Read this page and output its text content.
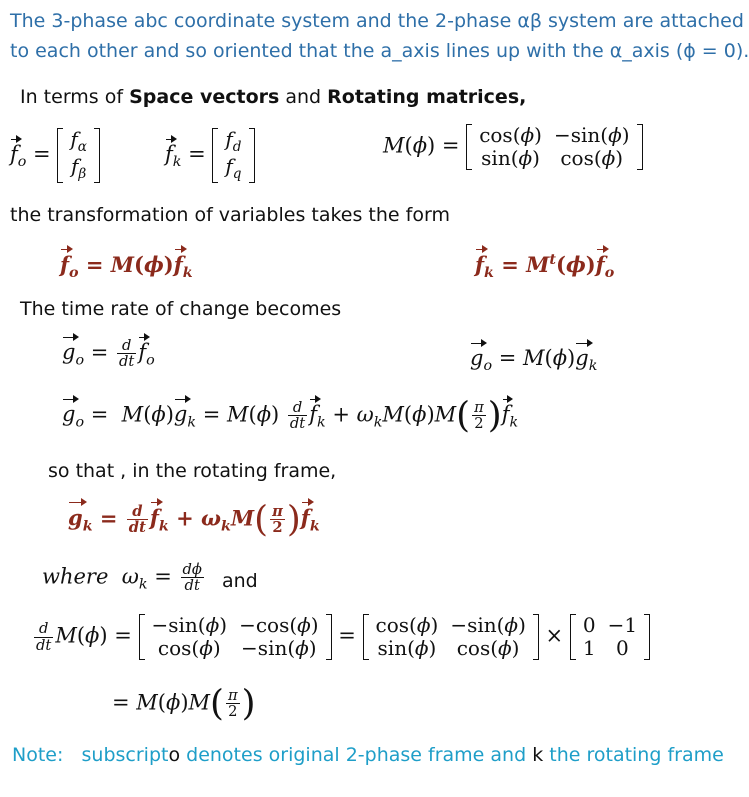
The 3-phase abc coordinate system and the 2-phase αβ system are attached
to each other and so oriented that the a_axis lines up with the α_axis (ϕ = 0).
In terms of Space vectors and Rotating matrices,
$f_o$ =
$f_\alpha$
$f_\beta$
$f_k$ =
$f_d$
$f_q$
M(ϕ) = cos(ϕ)	−sin(ϕ)
sin(ϕ)	cos(ϕ)
the transformation of variables takes the form
$f_o = M(\phi)f_k$	$f_k = M^t(\phi)f_o$
The time rate of change becomes
$g_o = \frac{d}{dt} f_o$	$g_o = M(\phi)g_k$
$g_o = M(\phi)g_k = M(\phi) \frac{d}{dt} f_k + \omega_kM(\phi)M( \frac{\pi}{2} )f_k$
so that , in the rotating frame,
$g_k = \frac{d}{dt} f_k + \omega_kM( \frac{\pi}{2} )f_k$
where $\omega_k = \frac{d\phi}{dt}$ and
$\frac{d}{dt} M(\phi) = -\sin(\phi)$	−cos(ϕ)
cos(ϕ)	−sin(ϕ)
= cos(ϕ)	−sin(ϕ)
sin(ϕ)	cos(ϕ)
× 0	−1
1	0
= $M(\phi)M( \frac{\pi}{2}$ )
Note: subscripto denotes original 2-phase frame and k the rotating frame
